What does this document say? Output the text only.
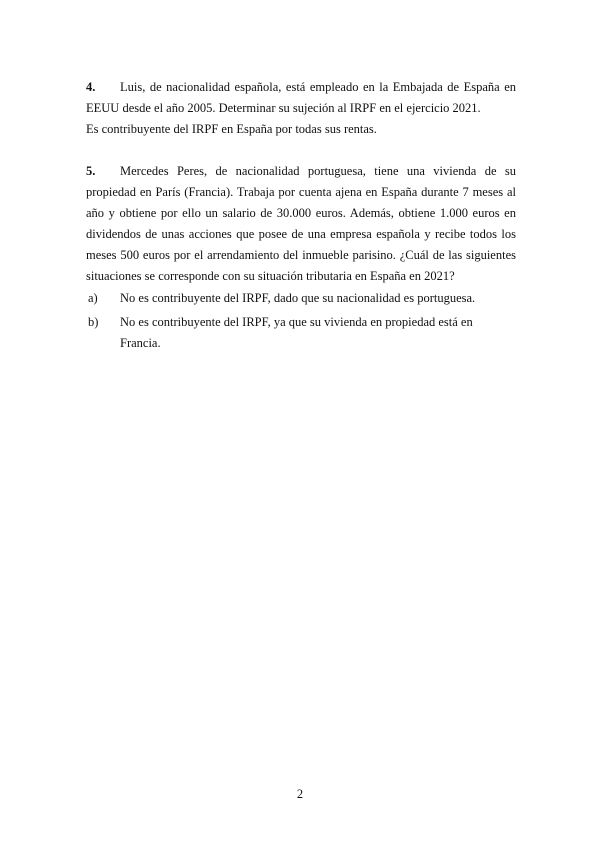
4. Luis, de nacionalidad española, está empleado en la Embajada de España en EEUU desde el año 2005. Determinar su sujeción al IRPF en el ejercicio 2021.

Es contribuyente del IRPF en España por todas sus rentas.

5. Mercedes Peres, de nacionalidad portuguesa, tiene una vivienda de su propiedad en París (Francia). Trabaja por cuenta ajena en España durante 7 meses al año y obtiene por ello un salario de 30.000 euros. Además, obtiene 1.000 euros en dividendos de unas acciones que posee de una empresa española y recibe todos los meses 500 euros por el arrendamiento del inmueble parisino. ¿Cuál de las siguientes situaciones se corresponde con su situación tributaria en España en 2021?

a)	No es contribuyente del IRPF, dado que su nacionalidad es portuguesa.
b)	No es contribuyente del IRPF, ya que su vivienda en propiedad está en Francia.
2
